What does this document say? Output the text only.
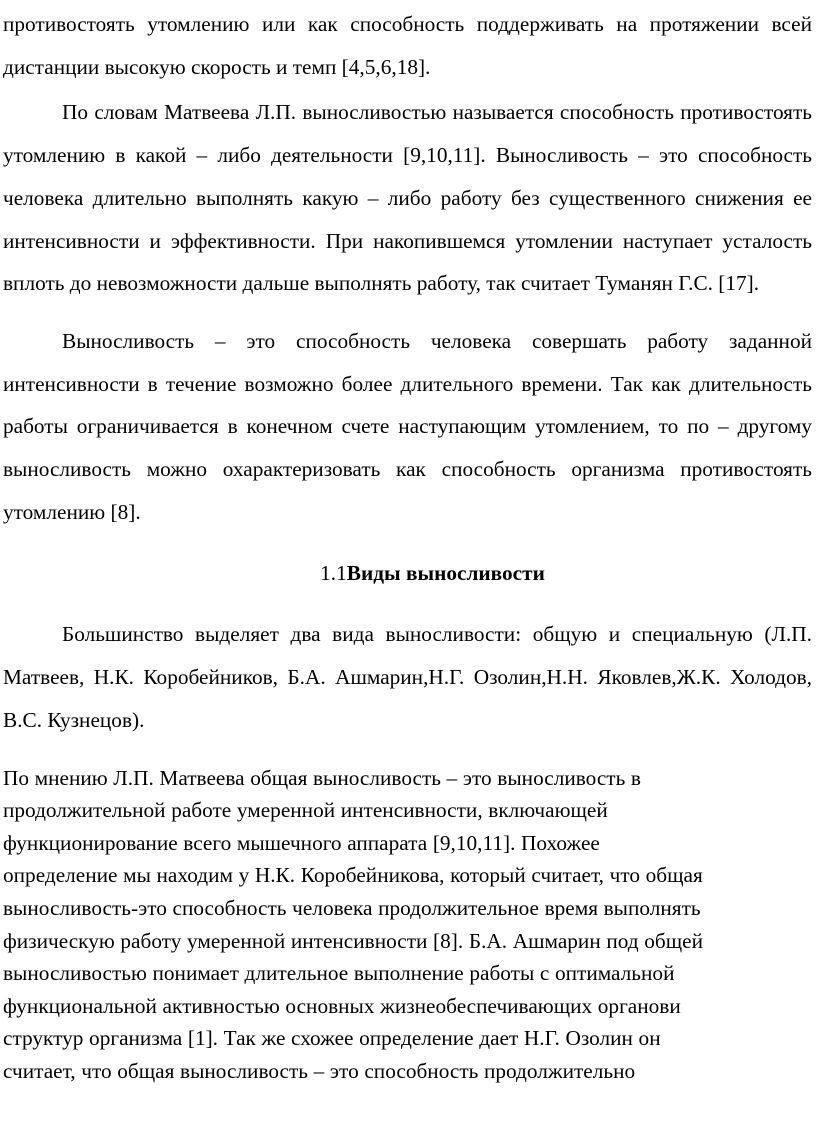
противостоять утомлению или как способность поддерживать на протяжении всей дистанции высокую скорость и темп [4,5,6,18].

По словам Матвеева Л.П. выносливостью называется способность противостоять утомлению в какой – либо деятельности [9,10,11]. Выносливость – это способность человека длительно выполнять какую – либо работу без существенного снижения ее интенсивности и эффективности. При накопившемся утомлении наступает усталость вплоть до невозможности дальше выполнять работу, так считает Туманян Г.С. [17].

Выносливость – это способность человека совершать работу заданной интенсивности в течение возможно более длительного времени. Так как длительность работы ограничивается в конечном счете наступающим утомлением, то по – другому выносливость можно охарактеризовать как способность организма противостоять утомлению [8].

1.1Виды выносливости

Большинство выделяет два вида выносливости: общую и специальную (Л.П. Матвеев, Н.К. Коробейников, Б.А. Ашмарин,Н.Г. Озолин,Н.Н. Яковлев,Ж.К. Холодов, В.С. Кузнецов).

По мнению Л.П. Матвеева общая выносливость – это выносливость в
продолжительной работе умеренной интенсивности, включающей
функционирование всего мышечного аппарата [9,10,11]. Похожее
определение мы находим у Н.К. Коробейникова, который считает, что общая
выносливость-это способность человека продолжительное время выполнять
физическую работу умеренной интенсивности [8]. Б.А. Ашмарин под общей
выносливостью понимает длительное выполнение работы с оптимальной
функциональной активностью основных жизнеобеспечивающих органови
структур организма [1]. Так же схожее определение дает Н.Г. Озолин он
считает, что общая выносливость – это способность продолжительно
